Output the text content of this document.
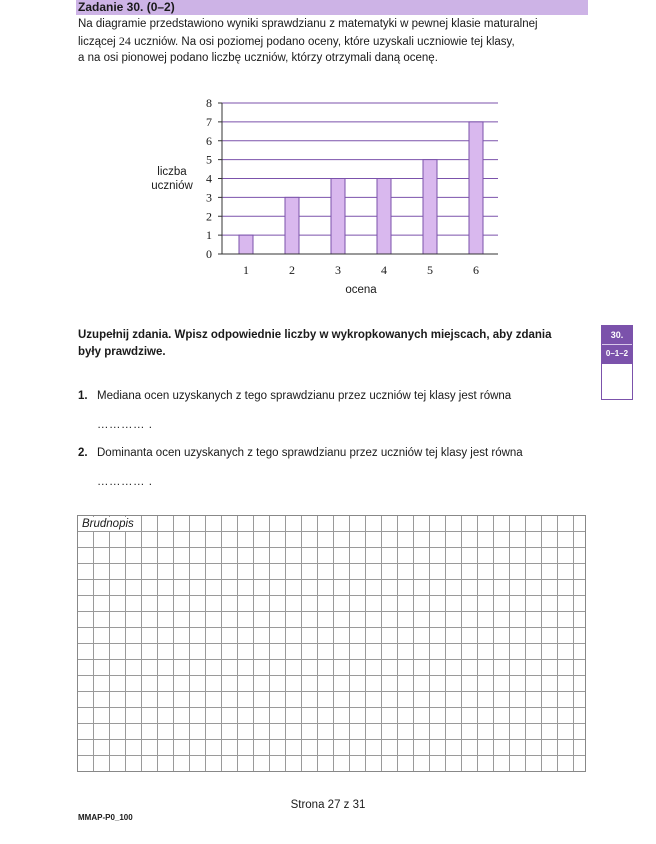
Zadanie 30. (0–2)
Na diagramie przedstawiono wyniki sprawdzianu z matematyki w pewnej klasie maturalnej
liczącej 24 uczniów. Na osi poziomej podano oceny, które uzyskali uczniowie tej klasy,
a na osi pionowej podano liczbę uczniów, którzy otrzymali daną ocenę.
0
1
2
3
4
5
6
7
8
1	2	3	4	5	6
liczba
uczniów
ocena
Uzupełnij zdania. Wpisz odpowiednie liczby w wykropkowanych miejscach, aby zdania
były prawdziwe.
30.
0–1–2
1. Mediana ocen uzyskanych z tego sprawdzianu przez uczniów tej klasy jest równa
………… .
2. Dominanta ocen uzyskanych z tego sprawdzianu przez uczniów tej klasy jest równa
………… .
Brudnopis
Strona 27 z 31
MMAP-P0_100
